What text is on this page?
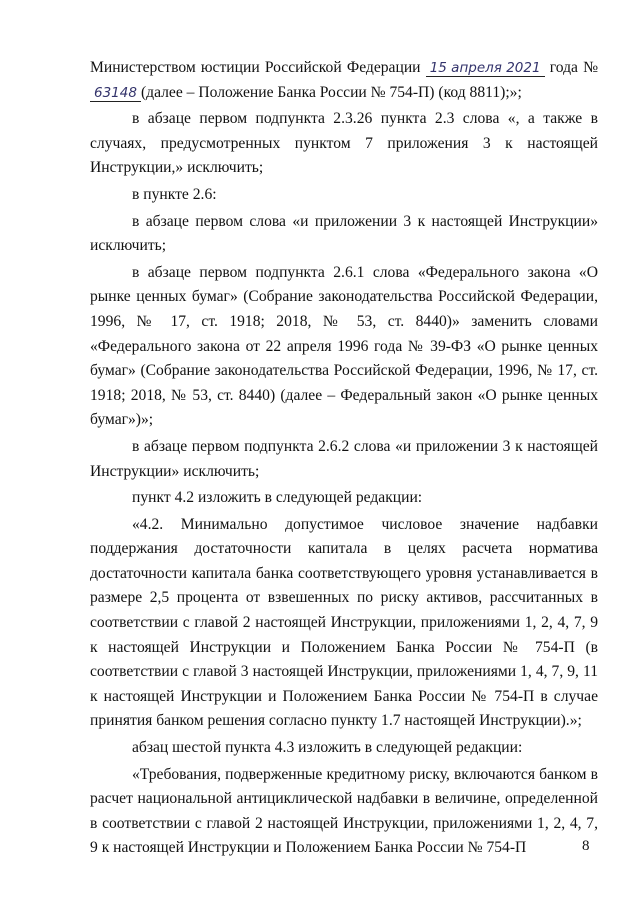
Министерством юстиции Российской Федерации 15 апреля 2021 года №63148 (далее – Положение Банка России № 754-П) (код 8811);»;

в абзаце первом подпункта 2.3.26 пункта 2.3 слова «, а также в случаях, предусмотренных пунктом 7 приложения 3 к настоящей Инструкции,» исключить;

в пункте 2.6:

в абзаце первом слова «и приложении 3 к настоящей Инструкции» исключить;

в абзаце первом подпункта 2.6.1 слова «Федерального закона «О рынке ценных бумаг» (Собрание законодательства Российской Федерации, 1996, № 17, ст. 1918; 2018, № 53, ст. 8440)» заменить словами «Федерального закона от 22 апреля 1996 года № 39-ФЗ «О рынке ценных бумаг» (Собрание законодательства Российской Федерации, 1996, № 17, ст. 1918; 2018, № 53, ст. 8440) (далее – Федеральный закон «О рынке ценных бумаг»)»;

в абзаце первом подпункта 2.6.2 слова «и приложении 3 к настоящей Инструкции» исключить;

пункт 4.2 изложить в следующей редакции:

«4.2. Минимально допустимое числовое значение надбавки поддержания достаточности капитала в целях расчета норматива достаточности капитала банка соответствующего уровня устанавливается в размере 2,5 процента от взвешенных по риску активов, рассчитанных в соответствии с главой 2 настоящей Инструкции, приложениями 1, 2, 4, 7, 9 к настоящей Инструкции и Положением Банка России № 754-П (в соответствии с главой 3 настоящей Инструкции, приложениями 1, 4, 7, 9, 11 к настоящей Инструкции и Положением Банка России № 754-П в случае принятия банком решения согласно пункту 1.7 настоящей Инструкции).»;

абзац шестой пункта 4.3 изложить в следующей редакции:

«Требования, подверженные кредитному риску, включаются банком в расчет национальной антициклической надбавки в величине, определенной в соответствии с главой 2 настоящей Инструкции, приложениями 1, 2, 4, 7, 9 к настоящей Инструкции и Положением Банка России № 754-П	8
